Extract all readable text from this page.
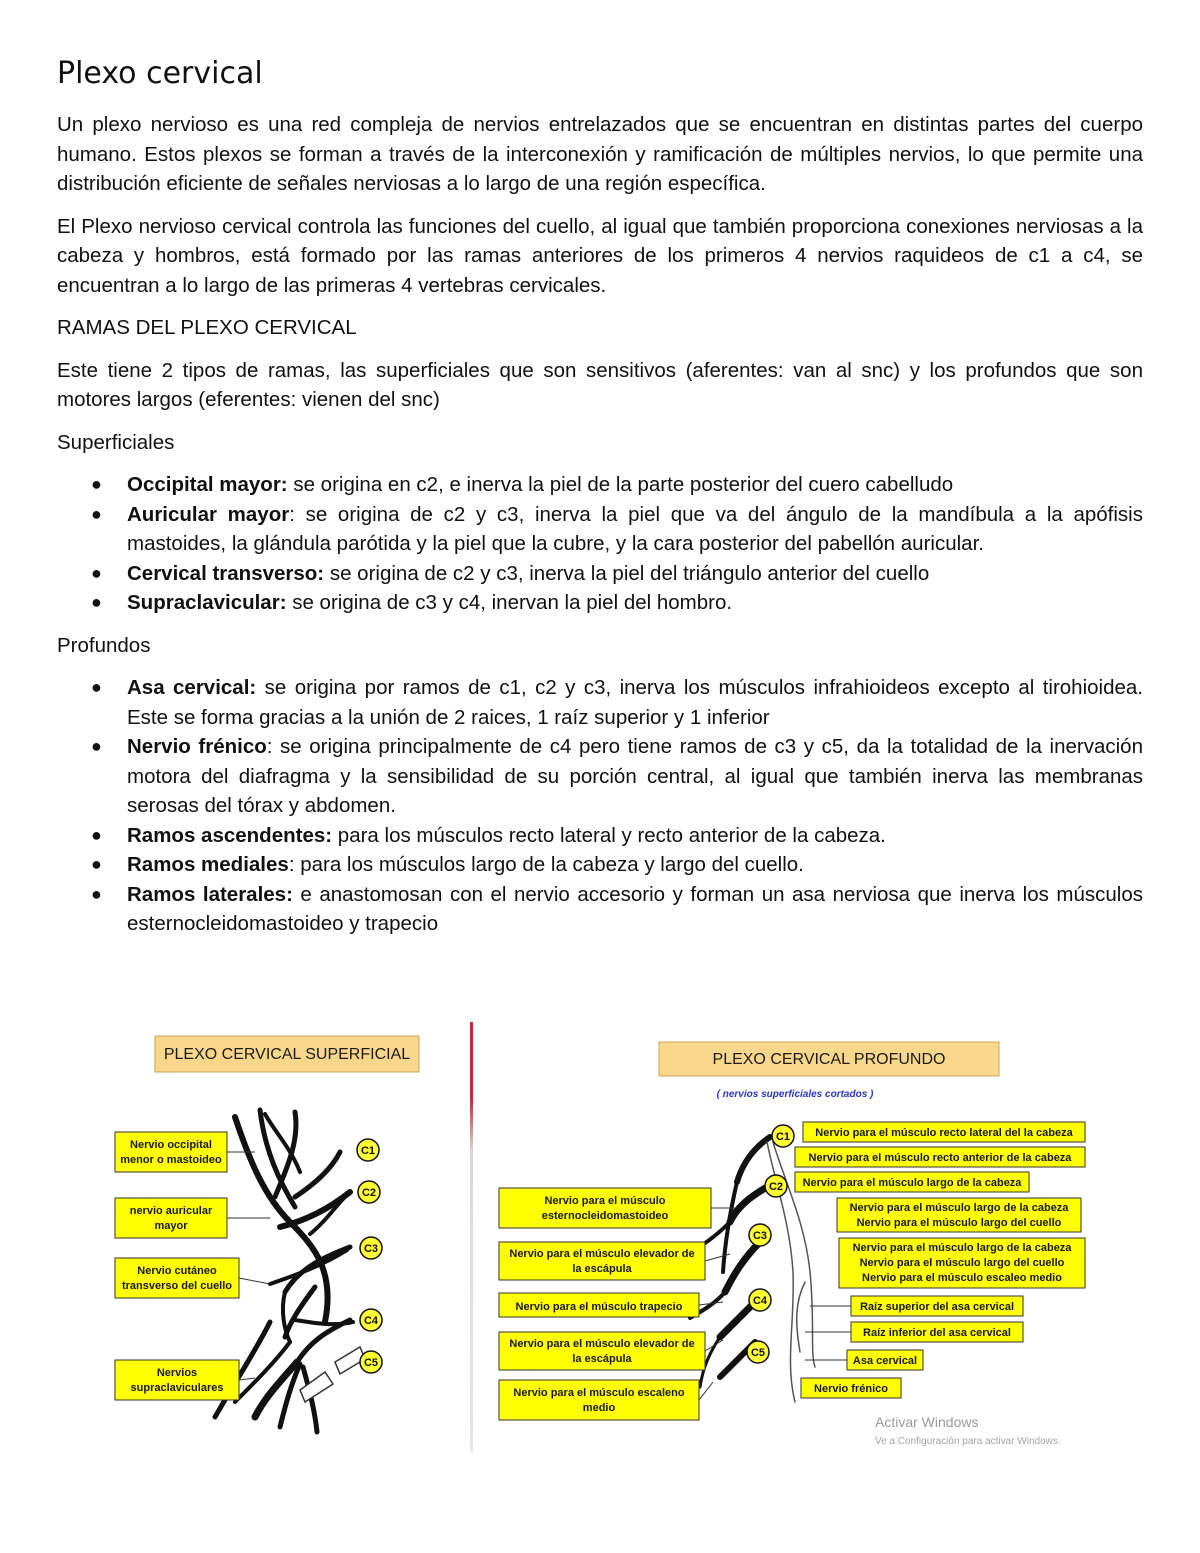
Plexo cervical

Un plexo nervioso es una red compleja de nervios entrelazados que se encuentran en distintas partes del cuerpo humano. Estos plexos se forman a través de la interconexión y ramificación de múltiples nervios, lo que permite una distribución eficiente de señales nerviosas a lo largo de una región específica.

El Plexo nervioso cervical controla las funciones del cuello, al igual que también proporciona conexiones nerviosas a la cabeza y hombros, está formado por las ramas anteriores de los primeros 4 nervios raquideos de c1 a c4, se encuentran a lo largo de las primeras 4 vertebras cervicales.

RAMAS DEL PLEXO CERVICAL

Este tiene 2 tipos de ramas, las superficiales que son sensitivos (aferentes: van al snc) y los profundos que son motores largos (eferentes: vienen del snc)

Superficiales

● Occipital mayor: se origina en c2, e inerva la piel de la parte posterior del cuero cabelludo
● Auricular mayor: se origina de c2 y c3, inerva la piel que va del ángulo de la mandíbula a la apófisis mastoides, la glándula parótida y la piel que la cubre, y la cara posterior del pabellón auricular.
● Cervical transverso: se origina de c2 y c3, inerva la piel del triángulo anterior del cuello
● Supraclavicular: se origina de c3 y c4, inervan la piel del hombro.

Profundos

● Asa cervical: se origina por ramos de c1, c2 y c3, inerva los músculos infrahioideos excepto al tirohioidea. Este se forma gracias a la unión de 2 raices, 1 raíz superior y 1 inferior
● Nervio frénico: se origina principalmente de c4 pero tiene ramos de c3 y c5, da la totalidad de la inervación motora del diafragma y la sensibilidad de su porción central, al igual que también inerva las membranas serosas del tórax y abdomen.
● Ramos ascendentes: para los músculos recto lateral y recto anterior de la cabeza.
● Ramos mediales: para los músculos largo de la cabeza y largo del cuello.
● Ramos laterales: e anastomosan con el nervio accesorio y forman un asa nerviosa que inerva los músculos esternocleidomastoideo y trapecio
PLEXO CERVICAL SUPERFICIAL
C1
C2
C3
C4
C5
Nervio occipital
menor o mastoideo
nervio auricular
mayor
Nervio cutáneo
transverso del cuello
Nervios
supraclaviculares
PLEXO CERVICAL PROFUNDO
( nervios superficiales cortados )
C1
C2
C3
C4
C5
Nervio para el músculo
esternocleidomastoideo
Nervio para el músculo elevador de
la escápula
Nervio para el músculo trapecio
Nervio para el músculo elevador de
la escápula
Nervio para el músculo escaleno
medio
Nervio para el músculo recto lateral del la cabeza
Nervio para el músculo recto anterior de la cabeza
Nervio para el músculo largo de la cabeza
Nervio para el músculo largo de la cabeza
Nervio para el músculo largo del cuello
Nervio para el músculo largo de la cabeza
Nervio para el músculo largo del cuello
Nervio para el músculo escaleo medio
Raíz superior del asa cervical
Raíz inferior del asa cervical
Asa cervical
Nervio frénico
Activar Windows
Ve a Configuración para activar Windows.
